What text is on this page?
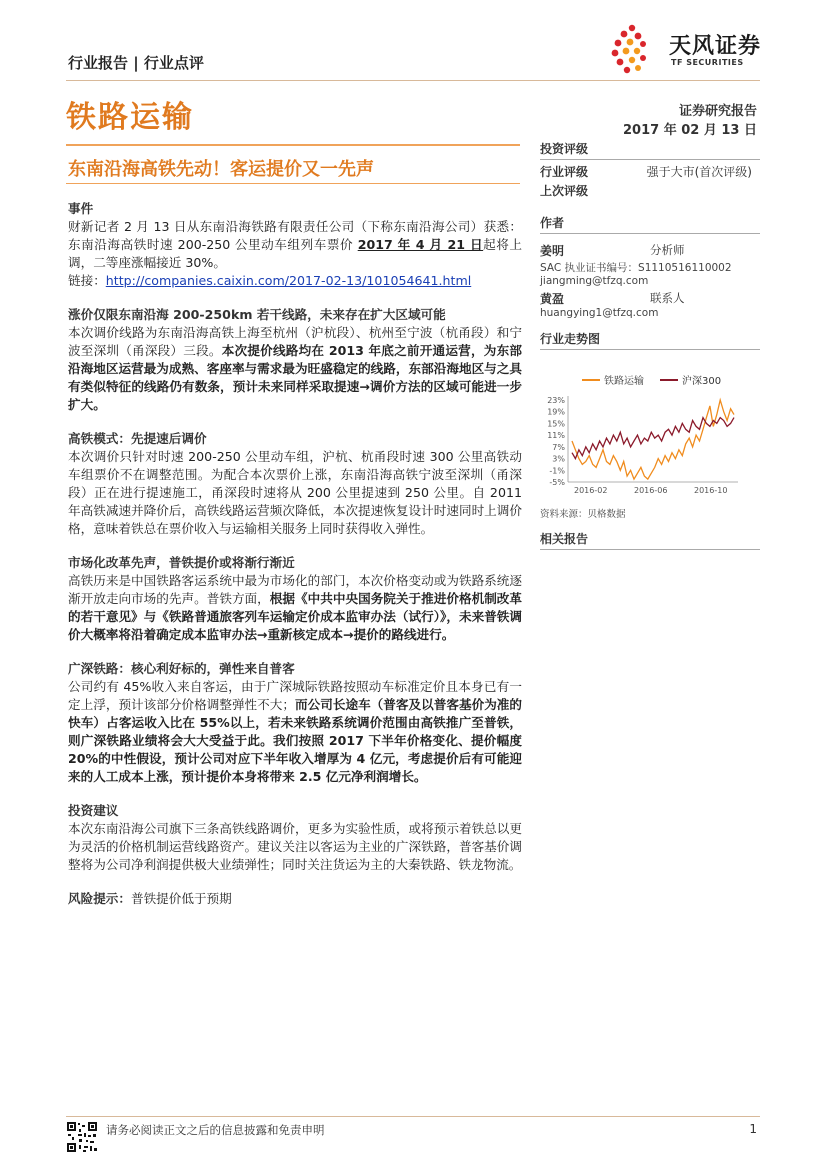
行业报告 | 行业点评
天风证券
TF SECURITIES
铁路运输	证券研究报告
2017 年 02 月 13 日
东南沿海高铁先动！客运提价又一先声

事件

财新记者 2 月 13 日从东南沿海铁路有限责任公司（下称东南沿海公司）获悉：东南沿海高铁时速 200-250 公里动车组列车票价 2017 年 4 月 21 日起将上调，二等座涨幅接近 30%。

链接：http://companies.caixin.com/2017-02-13/101054641.html

涨价仅限东南沿海 200-250km 若干线路，未来存在扩大区域可能

本次调价线路为东南沿海高铁上海至杭州（沪杭段）、杭州至宁波（杭甬段）和宁波至深圳（甬深段）三段。本次提价线路均在 2013 年底之前开通运营，为东部沿海地区运营最为成熟、客座率与需求最为旺盛稳定的线路，东部沿海地区与之具有类似特征的线路仍有数条，预计未来同样采取提速→调价方法的区域可能进一步扩大。

高铁模式：先提速后调价

本次调价只针对时速 200-250 公里动车组，沪杭、杭甬段时速 300 公里高铁动车组票价不在调整范围。为配合本次票价上涨，东南沿海高铁宁波至深圳（甬深段）正在进行提速施工，甬深段时速将从 200 公里提速到 250 公里。自 2011 年高铁减速并降价后，高铁线路运营频次降低，本次提速恢复设计时速同时上调价格，意味着铁总在票价收入与运输相关服务上同时获得收入弹性。

市场化改革先声，普铁提价或将渐行渐近

高铁历来是中国铁路客运系统中最为市场化的部门，本次价格变动或为铁路系统逐渐开放走向市场的先声。普铁方面，根据《中共中央国务院关于推进价格机制改革的若干意见》与《铁路普通旅客列车运输定价成本监审办法（试行）》，未来普铁调价大概率将沿着确定成本监审办法→重新核定成本→提价的路线进行。

广深铁路：核心利好标的，弹性来自普客

公司约有 45%收入来自客运，由于广深城际铁路按照动车标准定价且本身已有一定上浮，预计该部分价格调整弹性不大；而公司长途车（普客及以普客基价为准的快车）占客运收入比在 55%以上，若未来铁路系统调价范围由高铁推广至普铁，则广深铁路业绩将会大大受益于此。我们按照 2017 下半年价格变化、提价幅度 20%的中性假设，预计公司对应下半年收入增厚为 4 亿元，考虑提价后有可能迎来的人工成本上涨，预计提价本身将带来 2.5 亿元净利润增长。

投资建议

本次东南沿海公司旗下三条高铁线路调价，更多为实验性质，或将预示着铁总以更为灵活的价格机制运营线路资产。建议关注以客运为主业的广深铁路，普客基价调整将为公司净利润提供极大业绩弹性；同时关注货运为主的大秦铁路、铁龙物流。

风险提示：普铁提价低于预期

投资评级
行业评级	强于大市(首次评级)
上次评级
作者
姜明	分析师
SAC 执业证书编号：S1110516110002
jiangming@tfzq.com
黄盈	联系人
huangying1@tfzq.com
行业走势图
铁路运输	沪深300
23%
19%
15%
11%
7%
3%
-1%
-5%
2016-02	2016-06	2016-10
资料来源：贝格数据
相关报告
请务必阅读正文之后的信息披露和免责申明	1
